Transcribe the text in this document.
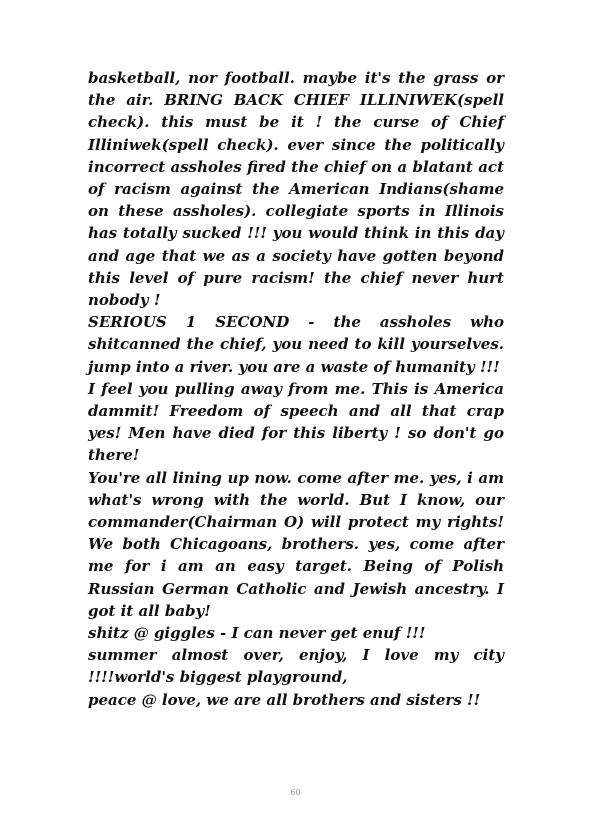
basketball, nor football. maybe it's the grass or the air. BRING BACK CHIEF ILLINIWEK(spell check). this must be it ! the curse of Chief Illiniwek(spell check). ever since the politically incorrect assholes fired the chief on a blatant act of racism against the American Indians(shame on these assholes). collegiate sports in Illinois has totally sucked !!! you would think in this day and age that we as a society have gotten beyond this level of pure racism! the chief never hurt nobody !

SERIOUS 1 SECOND - the assholes who shitcanned the chief, you need to kill yourselves. jump into a river. you are a waste of humanity !!!

I feel you pulling away from me. This is America dammit! Freedom of speech and all that crap yes! Men have died for this liberty ! so don't go there!

You're all lining up now. come after me. yes, i am what's wrong with the world. But I know, our commander(Chairman O) will protect my rights! We both Chicagoans, brothers. yes, come after me for i am an easy target. Being of Polish Russian German Catholic and Jewish ancestry. I got it all baby!

shitz @ giggles - I can never get enuf !!!

summer almost over, enjoy, I love my city !!!!world's biggest playground,

peace @ love, we are all brothers and sisters !!

60
